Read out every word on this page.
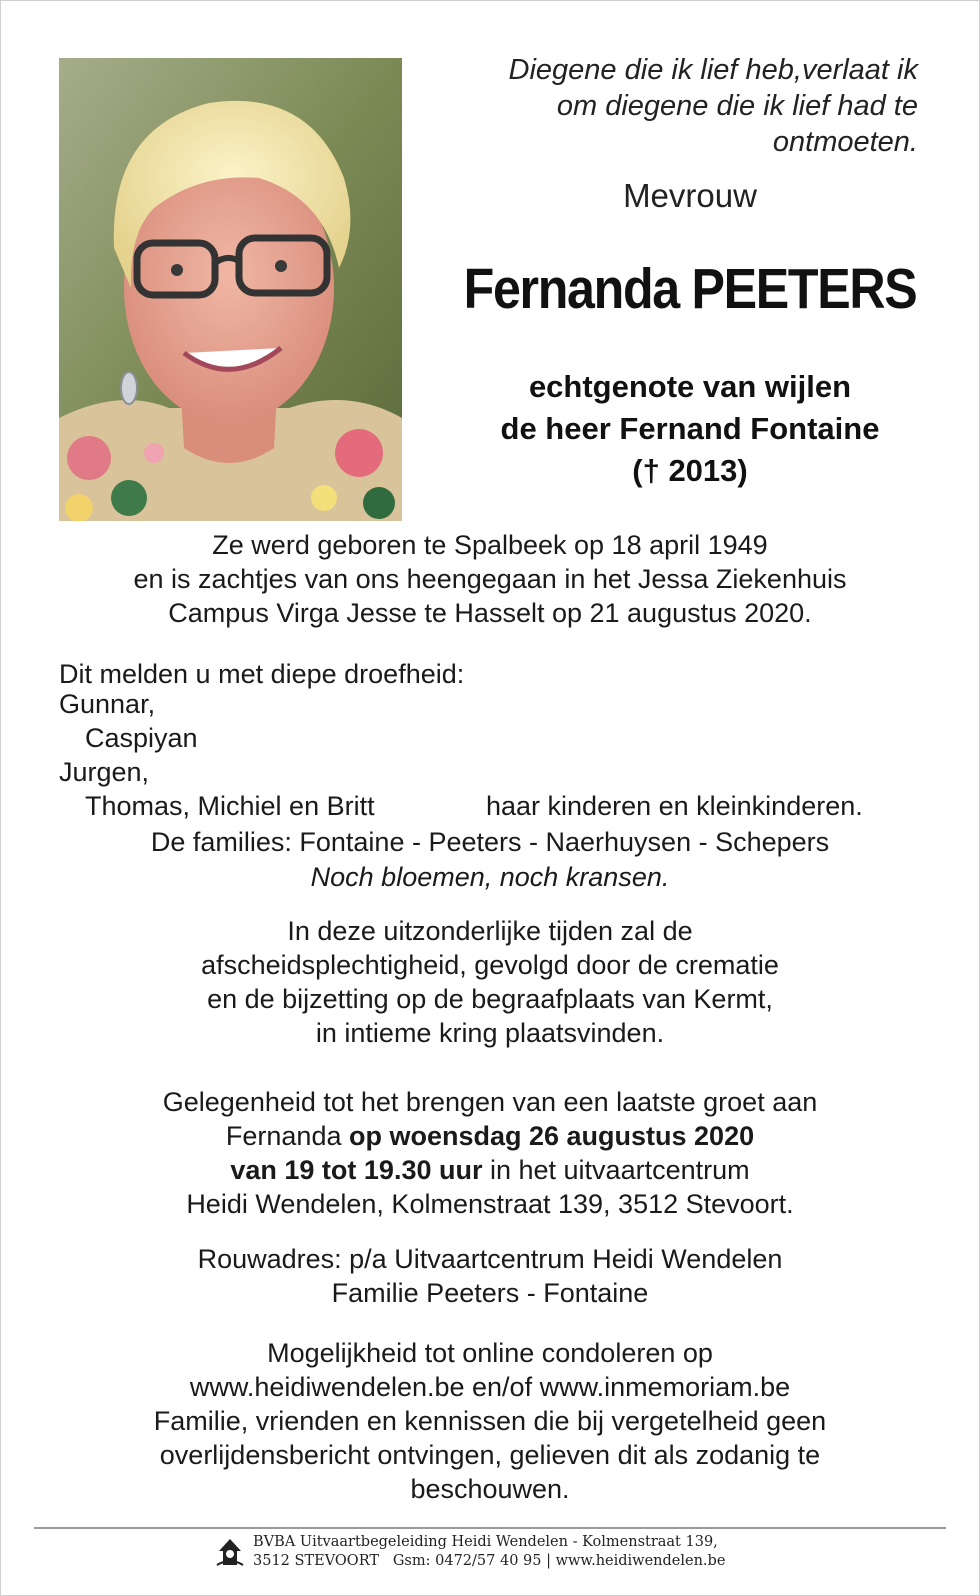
Diegene die ik lief heb,verlaat ik
om diegene die ik lief had te
ontmoeten.
Mevrouw
Fernanda PEETERS
echtgenote van wijlen
de heer Fernand Fontaine
(† 2013)
Ze werd geboren te Spalbeek op 18 april 1949
en is zachtjes van ons heengegaan in het Jessa Ziekenhuis
Campus Virga Jesse te Hasselt op 21 augustus 2020.
Dit melden u met diepe droefheid:
Gunnar,
Caspiyan
Jurgen,
Thomas, Michiel en Britt	haar kinderen en kleinkinderen.
De families: Fontaine - Peeters - Naerhuysen - Schepers
Noch bloemen, noch kransen.
In deze uitzonderlijke tijden zal de
afscheidsplechtigheid, gevolgd door de crematie
en de bijzetting op de begraafplaats van Kermt,
in intieme kring plaatsvinden.
Gelegenheid tot het brengen van een laatste groet aan
Fernanda op woensdag 26 augustus 2020
van 19 tot 19.30 uur in het uitvaartcentrum
Heidi Wendelen, Kolmenstraat 139, 3512 Stevoort.
Rouwadres: p/a Uitvaartcentrum Heidi Wendelen
Familie Peeters - Fontaine
Mogelijkheid tot online condoleren op
www.heidiwendelen.be en/of www.inmemoriam.be
Familie, vrienden en kennissen die bij vergetelheid geen
overlijdensbericht ontvingen, gelieven dit als zodanig te
beschouwen.
BVBA Uitvaartbegeleiding Heidi Wendelen - Kolmenstraat 139,
3512 STEVOORT   Gsm: 0472/57 40 95 | www.heidiwendelen.be
